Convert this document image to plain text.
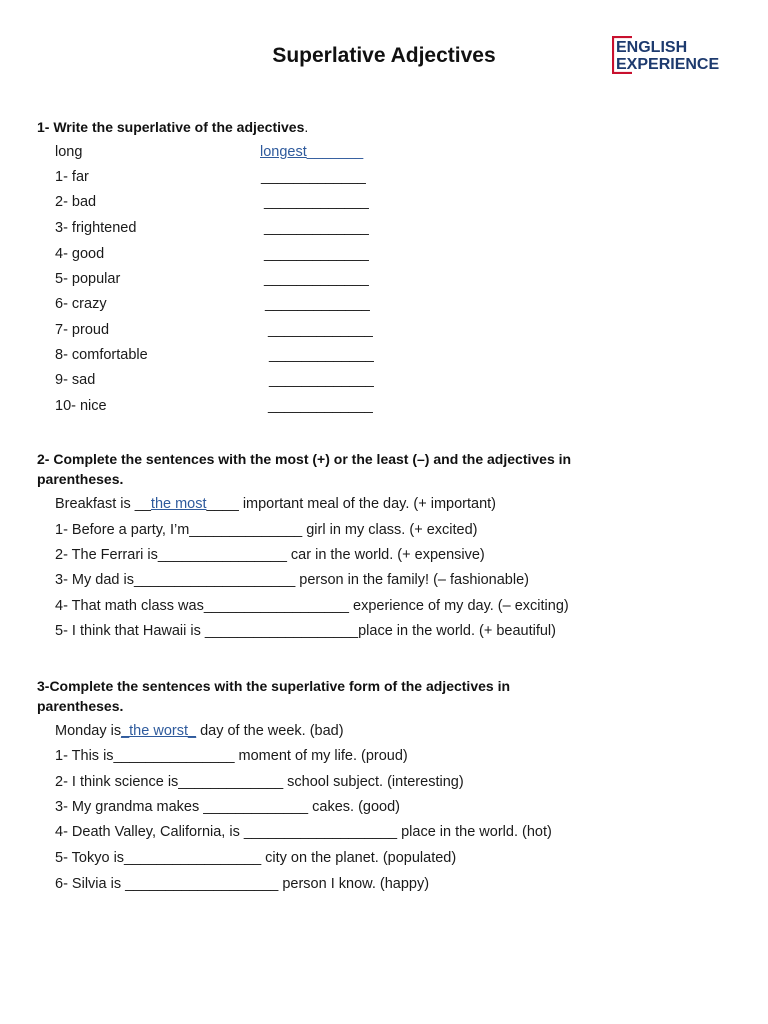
Superlative Adjectives	ENGLISH
EXPERIENCE
1- Write the superlative of the adjectives.
long	longest_______
1- far	_____________
2- bad	_____________
3- frightened	_____________
4- good	_____________
5- popular	_____________
6- crazy	_____________
7- proud	_____________
8- comfortable	_____________
9- sad	_____________
10- nice	_____________
2- Complete the sentences with the most (+) or the least (–) and the adjectives in
parentheses.
Breakfast is __the most____ important meal of the day. (+ important)
1- Before a party, I’m______________ girl in my class. (+ excited)
2- The Ferrari is________________ car in the world. (+ expensive)
3- My dad is____________________ person in the family! (– fashionable)
4- That math class was__________________ experience of my day. (– exciting)
5- I think that Hawaii is ___________________place in the world. (+ beautiful)
3-Complete the sentences with the superlative form of the adjectives in
parentheses.
Monday is_the worst_ day of the week. (bad)
1- This is_______________ moment of my life. (proud)
2- I think science is_____________ school subject. (interesting)
3- My grandma makes _____________ cakes. (good)
4- Death Valley, California, is ___________________ place in the world. (hot)
5- Tokyo is_________________ city on the planet. (populated)
6- Silvia is ___________________ person I know. (happy)
